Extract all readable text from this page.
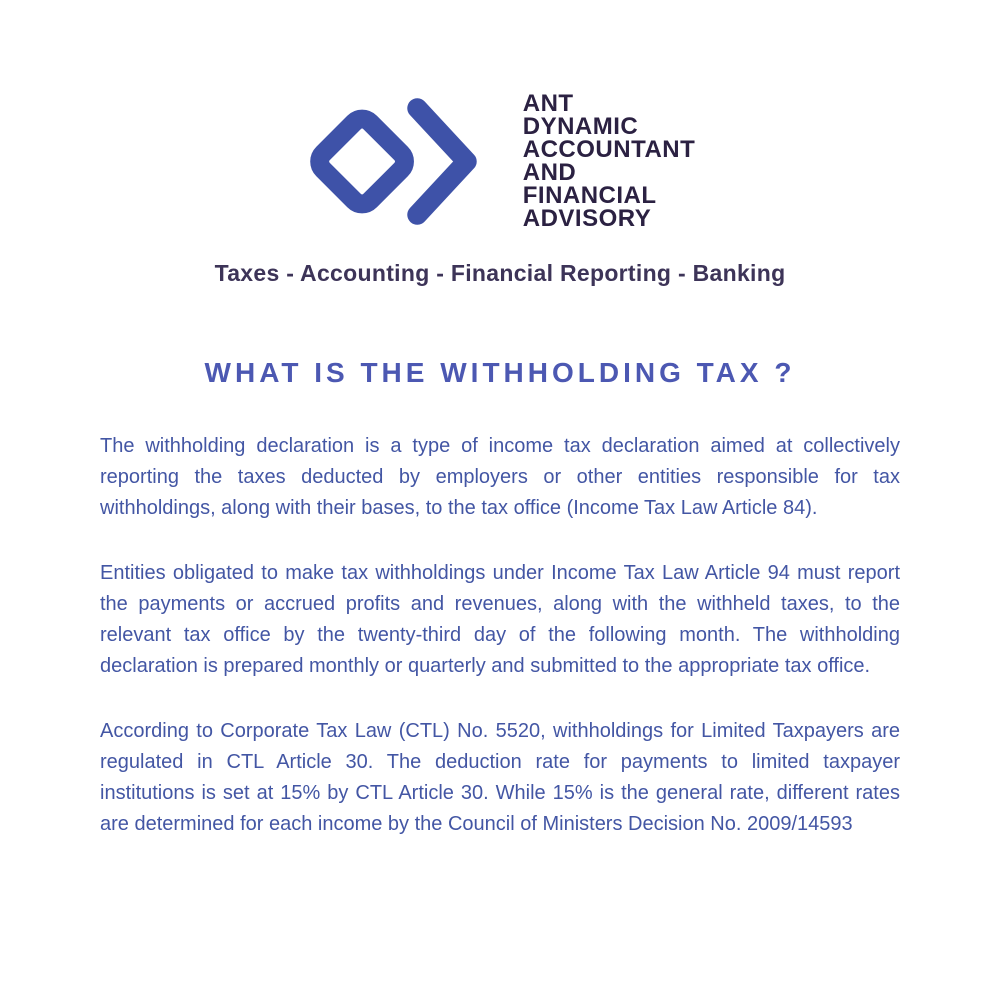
ANT
DYNAMIC
ACCOUNTANT
AND
FINANCIAL
ADVISORY
Taxes - Accounting - Financial Reporting - Banking
WHAT IS THE WITHHOLDING TAX ?

The withholding declaration is a type of income tax declaration aimed at collectively reporting the taxes deducted by employers or other entities responsible for tax withholdings, along with their bases, to the tax office (Income Tax Law Article 84).

Entities obligated to make tax withholdings under Income Tax Law Article 94 must report the payments or accrued profits and revenues, along with the withheld taxes, to the relevant tax office by the twenty-third day of the following month. The withholding declaration is prepared monthly or quarterly and submitted to the appropriate tax office.

According to Corporate Tax Law (CTL) No. 5520, withholdings for Limited Taxpayers are regulated in CTL Article 30. The deduction rate for payments to limited taxpayer institutions is set at 15% by CTL Article 30. While 15% is the general rate, different rates are determined for each income by the Council of Ministers Decision No. 2009/14593
